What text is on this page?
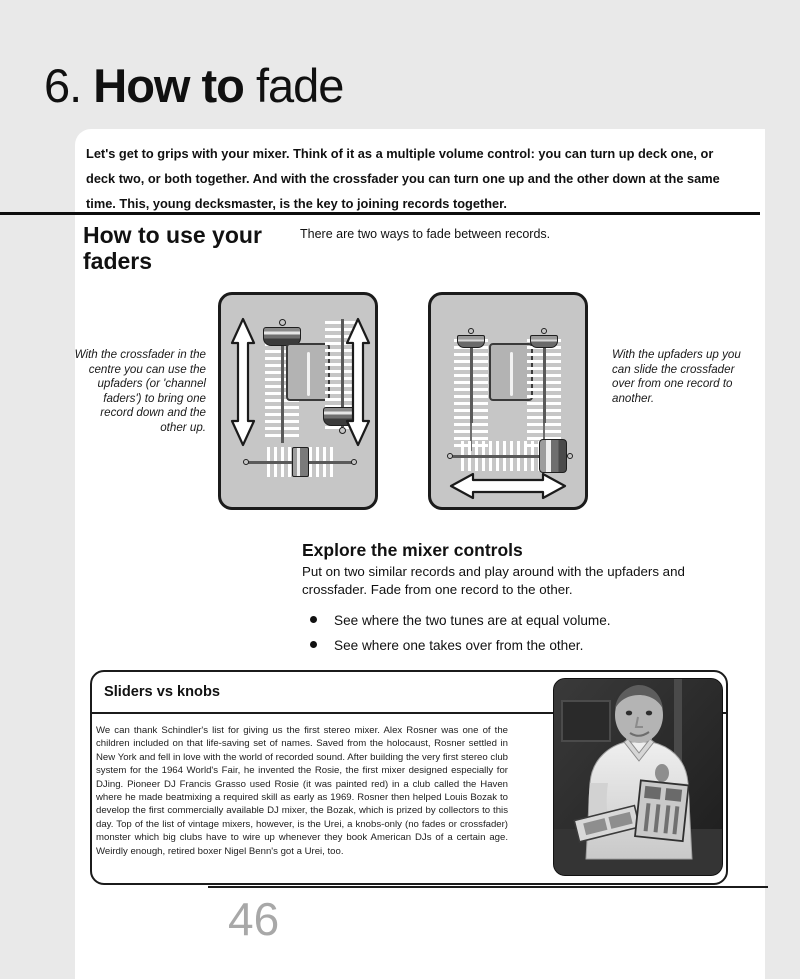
6. How to fade
Let's get to grips with your mixer. Think of it as a multiple volume control: you can turn up deck one, or deck two, or both together. And with the crossfader you can turn one up and the other down at the same time. This, young decksmaster, is the key to joining records together.
How to use your faders
There are two ways to fade between records.
With the crossfader in the centre you can use the upfaders (or 'channel faders') to bring one record down and the other up.
With the upfaders up you can slide the crossfader over from one record to another.
Explore the mixer controls
Put on two similar records and play around with the upfaders and crossfader. Fade from one record to the other.
See where the two tunes are at equal volume.
See where one takes over from the other.
Sliders vs knobs
We can thank Schindler's list for giving us the first stereo mixer. Alex Rosner was one of the children included on that life-saving set of names. Saved from the holocaust, Rosner settled in New York and fell in love with the world of recorded sound. After building the very first stereo club system for the 1964 World's Fair, he invented the Rosie, the first mixer designed especially for DJing. Pioneer DJ Francis Grasso used Rosie (it was painted red) in a club called the Haven where he made beatmixing a required skill as early as 1969. Rosner then helped Louis Bozak to develop the first commercially available DJ mixer, the Bozak, which is prized by collectors to this day. Top of the list of vintage mixers, however, is the Urei, a knobs-only (no fades or crossfader) monster which big clubs have to wire up whenever they book American DJs of a certain age. Weirdly enough, retired boxer Nigel Benn's got a Urei, too.
46
